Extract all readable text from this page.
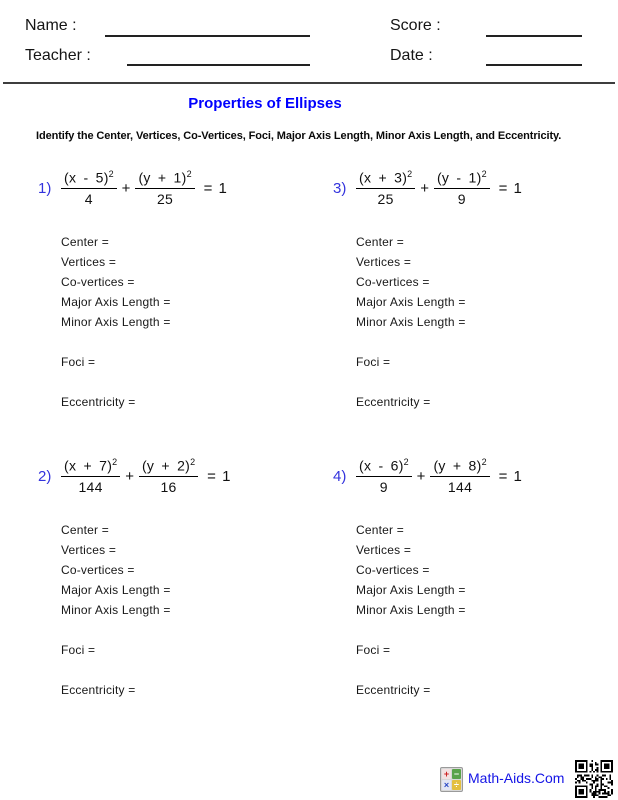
Name :	Score :
Teacher :	Date :
Properties of Ellipses
Identify the Center, Vertices, Co-Vertices, Foci, Major Axis Length, Minor Axis Length, and Eccentricity.
$1) \frac{(x - 5)^2}{4} + \frac{(y + 1)^2}{25} = 1$
Center =
Vertices =
Co-vertices =
Major Axis Length =
Minor Axis Length =
Foci =
Eccentricity =
$3) \frac{(x + 3)^2}{25} + \frac{(y - 1)^2}{9} = 1$
Center =
Vertices =
Co-vertices =
Major Axis Length =
Minor Axis Length =
Foci =
Eccentricity =
$2) \frac{(x + 7)^2}{144} + \frac{(y + 2)^2}{16} = 1$
Center =
Vertices =
Co-vertices =
Major Axis Length =
Minor Axis Length =
Foci =
Eccentricity =
$4) \frac{(x - 6)^2}{9} + \frac{(y + 8)^2}{144} = 1$
Center =
Vertices =
Co-vertices =
Major Axis Length =
Minor Axis Length =
Foci =
Eccentricity =
+ −
× ÷ Math-Aids.Com
